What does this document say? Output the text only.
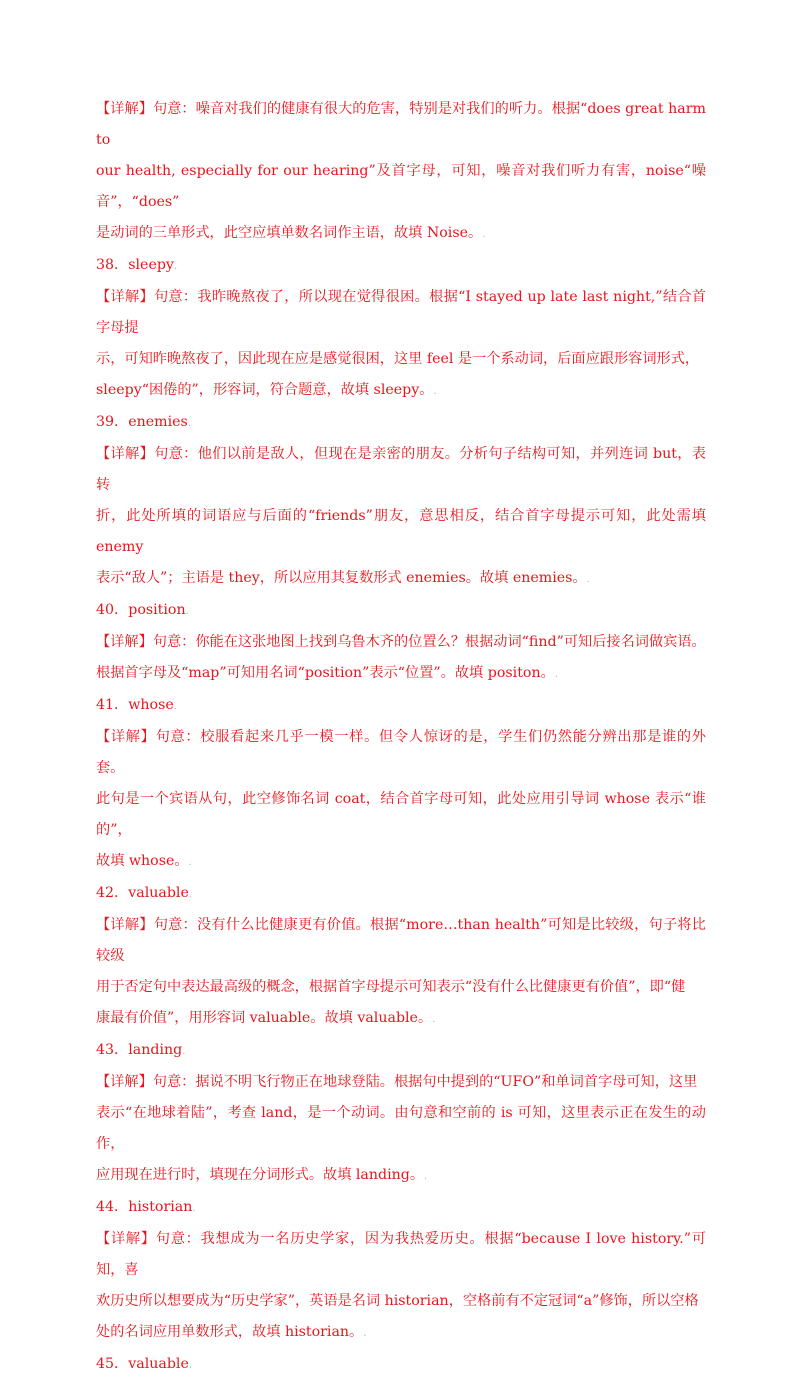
【详解】句意：噪音对我们的健康有很大的危害，特别是对我们的听力。根据“does great harm to

our health, especially for our hearing”及首字母，可知，噪音对我们听力有害，noise“噪音”，“does”

是动词的三单形式，此空应填单数名词作主语，故填 Noise。.

38．sleepy.

【详解】句意：我昨晚熬夜了，所以现在觉得很困。根据“I stayed up late last night,”结合首字母提

示，可知昨晚熬夜了，因此现在应是感觉很困，这里 feel 是一个系动词，后面应跟形容词形式，

sleepy“困倦的”，形容词，符合题意，故填 sleepy。.

39．enemies.

【详解】句意：他们以前是敌人，但现在是亲密的朋友。分析句子结构可知，并列连词 but，表转

折，此处所填的词语应与后面的“friends”朋友，意思相反，结合首字母提示可知，此处需填 enemy

表示“敌人”；主语是 they，所以应用其复数形式 enemies。故填 enemies。.

40．position.

【详解】句意：你能在这张地图上找到乌鲁木齐的位置么？根据动词“find”可知后接名词做宾语。

根据首字母及“map”可知用名词“position”表示“位置”。故填 positon。.

41．whose.

【详解】句意：校服看起来几乎一模一样。但令人惊讶的是，学生们仍然能分辨出那是谁的外套。

此句是一个宾语从句，此空修饰名词 coat，结合首字母可知，此处应用引导词 whose 表示“谁的”，

故填 whose。.

42．valuable.

【详解】句意：没有什么比健康更有价值。根据“more…than health”可知是比较级，句子将比较级

用于否定句中表达最高级的概念，根据首字母提示可知表示“没有什么比健康更有价值”，即“健

康最有价值”，用形容词 valuable。故填 valuable。.

43．landing.

【详解】句意：据说不明飞行物正在地球登陆。根据句中提到的“UFO”和单词首字母可知，这里

表示“在地球着陆”，考查 land，是一个动词。由句意和空前的 is 可知，这里表示正在发生的动作，

应用现在进行时，填现在分词形式。故填 landing。.

44．historian.

【详解】句意：我想成为一名历史学家，因为我热爱历史。根据“because I love history.”可知，喜

欢历史所以想要成为“历史学家”，英语是名词 historian，空格前有不定冠词“a”修饰，所以空格

处的名词应用单数形式，故填 historian。.

45．valuable.
